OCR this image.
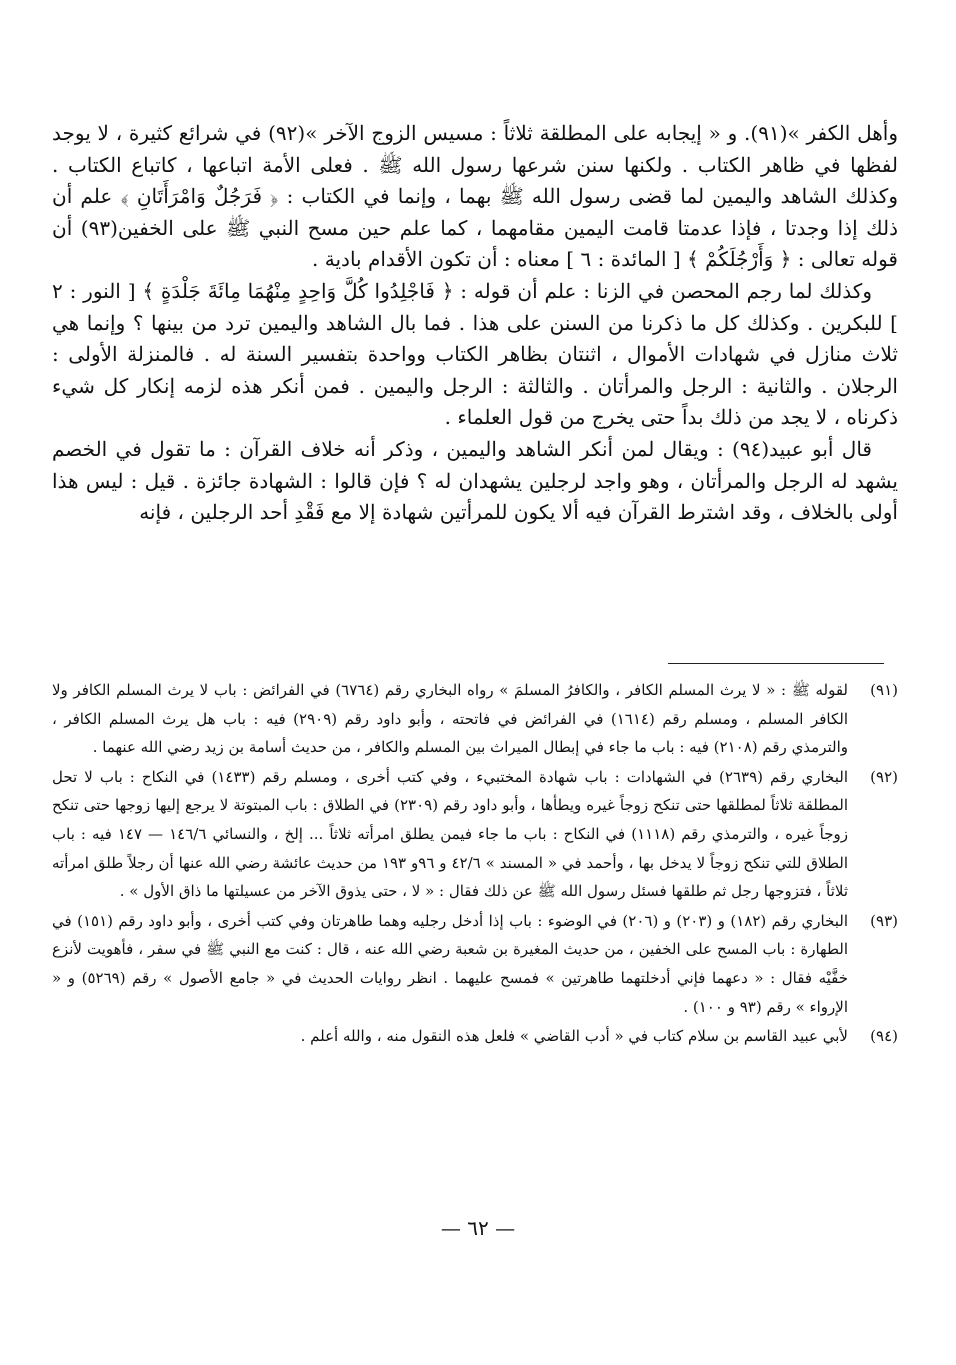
وأهل الكفر »(٩١). و « إيجابه على المطلقة ثلاثاً : مسيس الزوج الآخر »(٩٢) في شرائع كثيرة ، لا يوجد لفظها في ظاهر الكتاب . ولكنها سنن شرعها رسول الله ﷺ . فعلى الأمة اتباعها ، كاتباع الكتاب . وكذلك الشاهد واليمين لما قضى رسول الله ﷺ بهما ، وإنما في الكتاب : ﴿ فَرَجُلٌ وَامْرَأَتَانِ ﴾ علم أن ذلك إذا وجدتا ، فإذا عدمتا قامت اليمين مقامهما ، كما علم حين مسح النبي ﷺ على الخفين(٩٣) أن قوله تعالى : ﴿ وَأَرْجُلَكُمْ ﴾ [ المائدة : ٦ ] معناه : أن تكون الأقدام بادية .

وكذلك لما رجم المحصن في الزنا : علم أن قوله : ﴿ فَاجْلِدُوا كُلَّ وَاحِدٍ مِنْهُمَا مِائَةَ جَلْدَةٍ ﴾ [ النور : ٢ ] للبكرين . وكذلك كل ما ذكرنا من السنن على هذا . فما بال الشاهد واليمين ترد من بينها ؟ وإنما هي ثلاث منازل في شهادات الأموال ، اثنتان بظاهر الكتاب وواحدة بتفسير السنة له . فالمنزلة الأولى : الرجلان . والثانية : الرجل والمرأتان . والثالثة : الرجل واليمين . فمن أنكر هذه لزمه إنكار كل شيء ذكرناه ، لا يجد من ذلك بداً حتى يخرج من قول العلماء .

قال أبو عبيد(٩٤) : ويقال لمن أنكر الشاهد واليمين ، وذكر أنه خلاف القرآن : ما تقول في الخصم يشهد له الرجل والمرأتان ، وهو واجد لرجلين يشهدان له ؟ فإن قالوا : الشهادة جائزة . قيل : ليس هذا أولى بالخلاف ، وقد اشترط القرآن فيه ألا يكون للمرأتين شهادة إلا مع فَقْدِ أحد الرجلين ، فإنه

(٩١)
لقوله ﷺ : « لا يرث المسلم الكافر ، والكافرُ المسلمَ » رواه البخاري رقم (٦٧٦٤) في الفرائض : باب لا يرث المسلم الكافر ولا الكافر المسلم ، ومسلم رقم (١٦١٤) في الفرائض في فاتحته ، وأبو داود رقم (٢٩٠٩) فيه : باب هل يرث المسلم الكافر ، والترمذي رقم (٢١٠٨) فيه : باب ما جاء في إبطال الميراث بين المسلم والكافر ، من حديث أسامة بن زيد رضي الله عنهما .
(٩٢)
البخاري رقم (٢٦٣٩) في الشهادات : باب شهادة المختبيء ، وفي كتب أخرى ، ومسلم رقم (١٤٣٣) في النكاح : باب لا تحل المطلقة ثلاثاً لمطلقها حتى تنكح زوجاً غيره ويطأها ، وأبو داود رقم (٢٣٠٩) في الطلاق : باب المبتوتة لا يرجع إليها زوجها حتى تنكح زوجاً غيره ، والترمذي رقم (١١١٨) في النكاح : باب ما جاء فيمن يطلق امرأته ثلاثاً ... إلخ ، والنسائي ١٤٦/٦ — ١٤٧ فيه : باب الطلاق للتي تنكح زوجاً لا يدخل بها ، وأحمد في « المسند » ٤٢/٦ و ٩٦و ١٩٣ من حديث عائشة رضي الله عنها أن رجلاً طلق امرأته ثلاثاً ، فتزوجها رجل ثم طلقها فسئل رسول الله ﷺ عن ذلك فقال : « لا ، حتى يذوق الآخر من عسيلتها ما ذاق الأول » .
(٩٣)
البخاري رقم (١٨٢) و (٢٠٣) و (٢٠٦) في الوضوء : باب إذا أدخل رجليه وهما طاهرتان وفي كتب أخرى ، وأبو داود رقم (١٥١) في الطهارة : باب المسح على الخفين ، من حديث المغيرة بن شعبة رضي الله عنه ، قال : كنت مع النبي ﷺ في سفر ، فأهويت لأنزع خفَّيْه فقال : « دعهما فإني أدخلتهما طاهرتين » فمسح عليهما . انظر روايات الحديث في « جامع الأصول » رقم (٥٢٦٩) و « الإرواء » رقم (٩٣ و ١٠٠) .
(٩٤)
لأبي عبيد القاسم بن سلام كتاب في « أدب القاضي » فلعل هذه النقول منه ، والله أعلم .
— ٦٢ —
